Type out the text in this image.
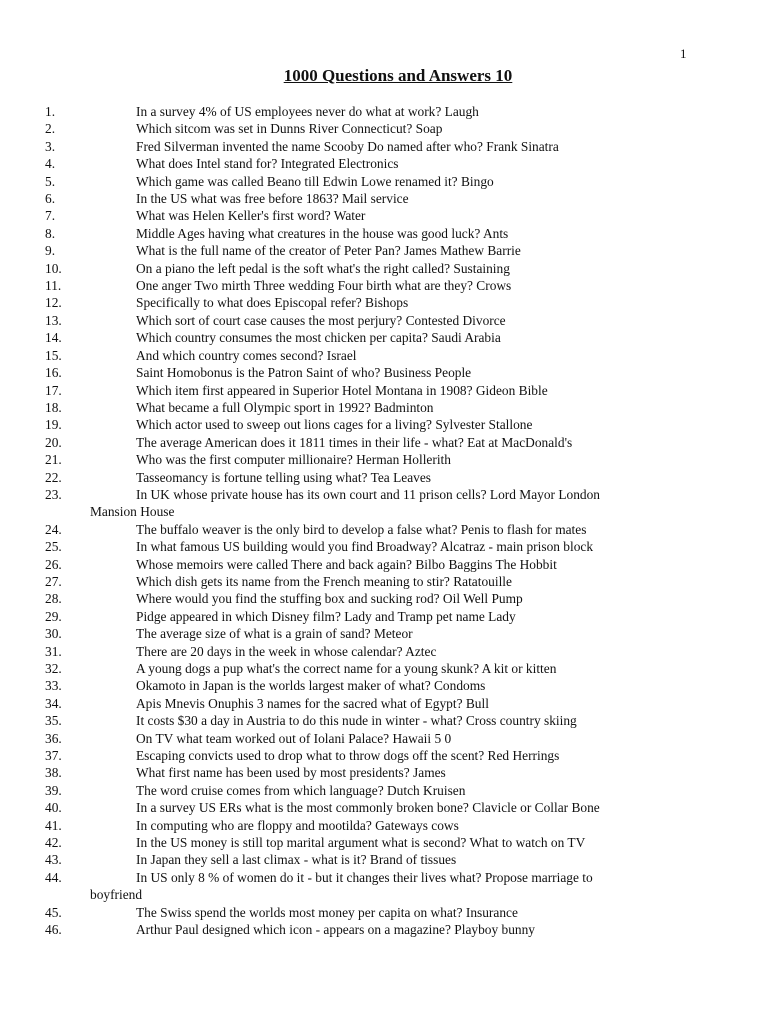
1
1000 Questions and Answers 10
1.	In a survey 4% of US employees never do what at work? Laugh
2.	Which sitcom was set in Dunns River Connecticut? Soap
3.	Fred Silverman invented the name Scooby Do named after who? Frank Sinatra
4.	What does Intel stand for? Integrated Electronics
5.	Which game was called Beano till Edwin Lowe renamed it? Bingo
6.	In the US what was free before 1863? Mail service
7.	What was Helen Keller's first word? Water
8.	Middle Ages having what creatures in the house was good luck? Ants
9.	What is the full name of the creator of Peter Pan? James Mathew Barrie
10.	On a piano the left pedal is the soft what's the right called? Sustaining
11.	One anger Two mirth Three wedding Four birth what are they? Crows
12.	Specifically to what does Episcopal refer? Bishops
13.	Which sort of court case causes the most perjury? Contested Divorce
14.	Which country consumes the most chicken per capita? Saudi Arabia
15.	And which country comes second? Israel
16.	Saint Homobonus is the Patron Saint of who? Business People
17.	Which item first appeared in Superior Hotel Montana in 1908? Gideon Bible
18.	What became a full Olympic sport in 1992? Badminton
19.	Which actor used to sweep out lions cages for a living? Sylvester Stallone
20.	The average American does it 1811 times in their life - what? Eat at MacDonald's
21.	Who was the first computer millionaire? Herman Hollerith
22.	Tasseomancy is fortune telling using what? Tea Leaves
23.	In UK whose private house has its own court and 11 prison cells? Lord Mayor London
Mansion House
24.	The buffalo weaver is the only bird to develop a false what? Penis to flash for mates
25.	In what famous US building would you find Broadway? Alcatraz - main prison block
26.	Whose memoirs were called There and back again? Bilbo Baggins The Hobbit
27.	Which dish gets its name from the French meaning to stir? Ratatouille
28.	Where would you find the stuffing box and sucking rod? Oil Well Pump
29.	Pidge appeared in which Disney film? Lady and Tramp pet name Lady
30.	The average size of what is a grain of sand? Meteor
31.	There are 20 days in the week in whose calendar? Aztec
32.	A young dogs a pup what's the correct name for a young skunk? A kit or kitten
33.	Okamoto in Japan is the worlds largest maker of what? Condoms
34.	Apis Mnevis Onuphis 3 names for the sacred what of Egypt? Bull
35.	It costs $30 a day in Austria to do this nude in winter - what? Cross country skiing
36.	On TV what team worked out of Iolani Palace? Hawaii 5 0
37.	Escaping convicts used to drop what to throw dogs off the scent? Red Herrings
38.	What first name has been used by most presidents? James
39.	The word cruise comes from which language? Dutch Kruisen
40.	In a survey US ERs what is the most commonly broken bone? Clavicle or Collar Bone
41.	In computing who are floppy and mootilda? Gateways cows
42.	In the US money is still top marital argument what is second? What to watch on TV
43.	In Japan they sell a last climax - what is it? Brand of tissues
44.	In US only 8 % of women do it - but it changes their lives what? Propose marriage to
boyfriend
45.	The Swiss spend the worlds most money per capita on what? Insurance
46.	Arthur Paul designed which icon - appears on a magazine? Playboy bunny
